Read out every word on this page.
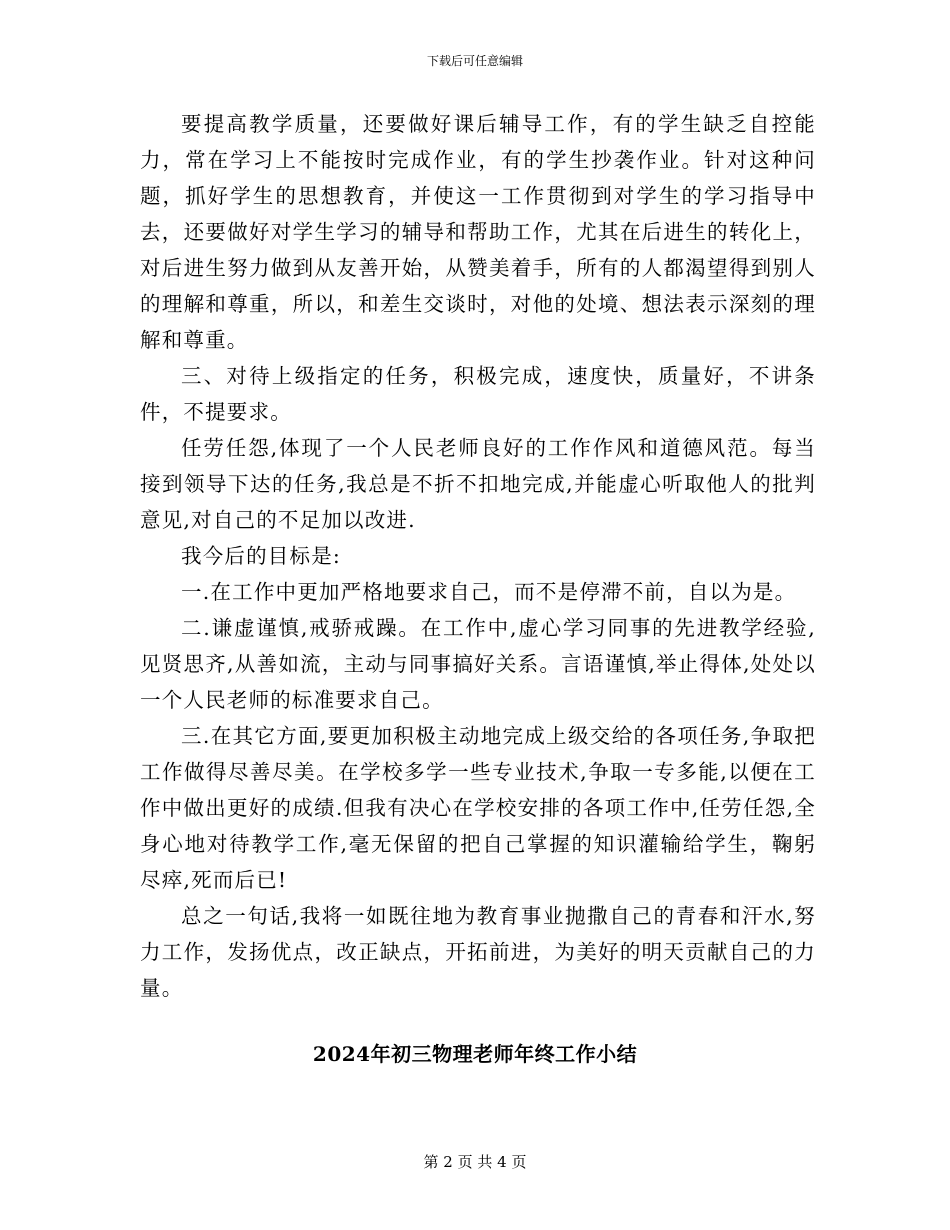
下载后可任意编辑

要提高教学质量，还要做好课后辅导工作，有的学生缺乏自控能力，常在学习上不能按时完成作业，有的学生抄袭作业。针对这种问题，抓好学生的思想教育，并使这一工作贯彻到对学生的学习指导中去，还要做好对学生学习的辅导和帮助工作，尤其在后进生的转化上，对后进生努力做到从友善开始，从赞美着手，所有的人都渴望得到别人的理解和尊重，所以，和差生交谈时，对他的处境、想法表示深刻的理解和尊重。

三、对待上级指定的任务，积极完成，速度快，质量好，不讲条件，不提要求。

任劳任怨,体现了一个人民老师良好的工作作风和道德风范。每当接到领导下达的任务,我总是不折不扣地完成,并能虚心听取他人的批判意见,对自己的不足加以改进.

我今后的目标是:

一.在工作中更加严格地要求自己，而不是停滞不前，自以为是。

二.谦虚谨慎,戒骄戒躁。在工作中,虚心学习同事的先进教学经验,见贤思齐,从善如流，主动与同事搞好关系。言语谨慎,举止得体,处处以一个人民老师的标准要求自己。

三.在其它方面,要更加积极主动地完成上级交给的各项任务,争取把工作做得尽善尽美。在学校多学一些专业技术,争取一专多能,以便在工作中做出更好的成绩.但我有决心在学校安排的各项工作中,任劳任怨,全身心地对待教学工作,毫无保留的把自己掌握的知识灌输给学生，鞠躬尽瘁,死而后已!

总之一句话,我将一如既往地为教育事业抛撒自己的青春和汗水,努力工作，发扬优点，改正缺点，开拓前进，为美好的明天贡献自己的力量。

2024年初三物理老师年终工作小结
第 2 页 共 4 页
